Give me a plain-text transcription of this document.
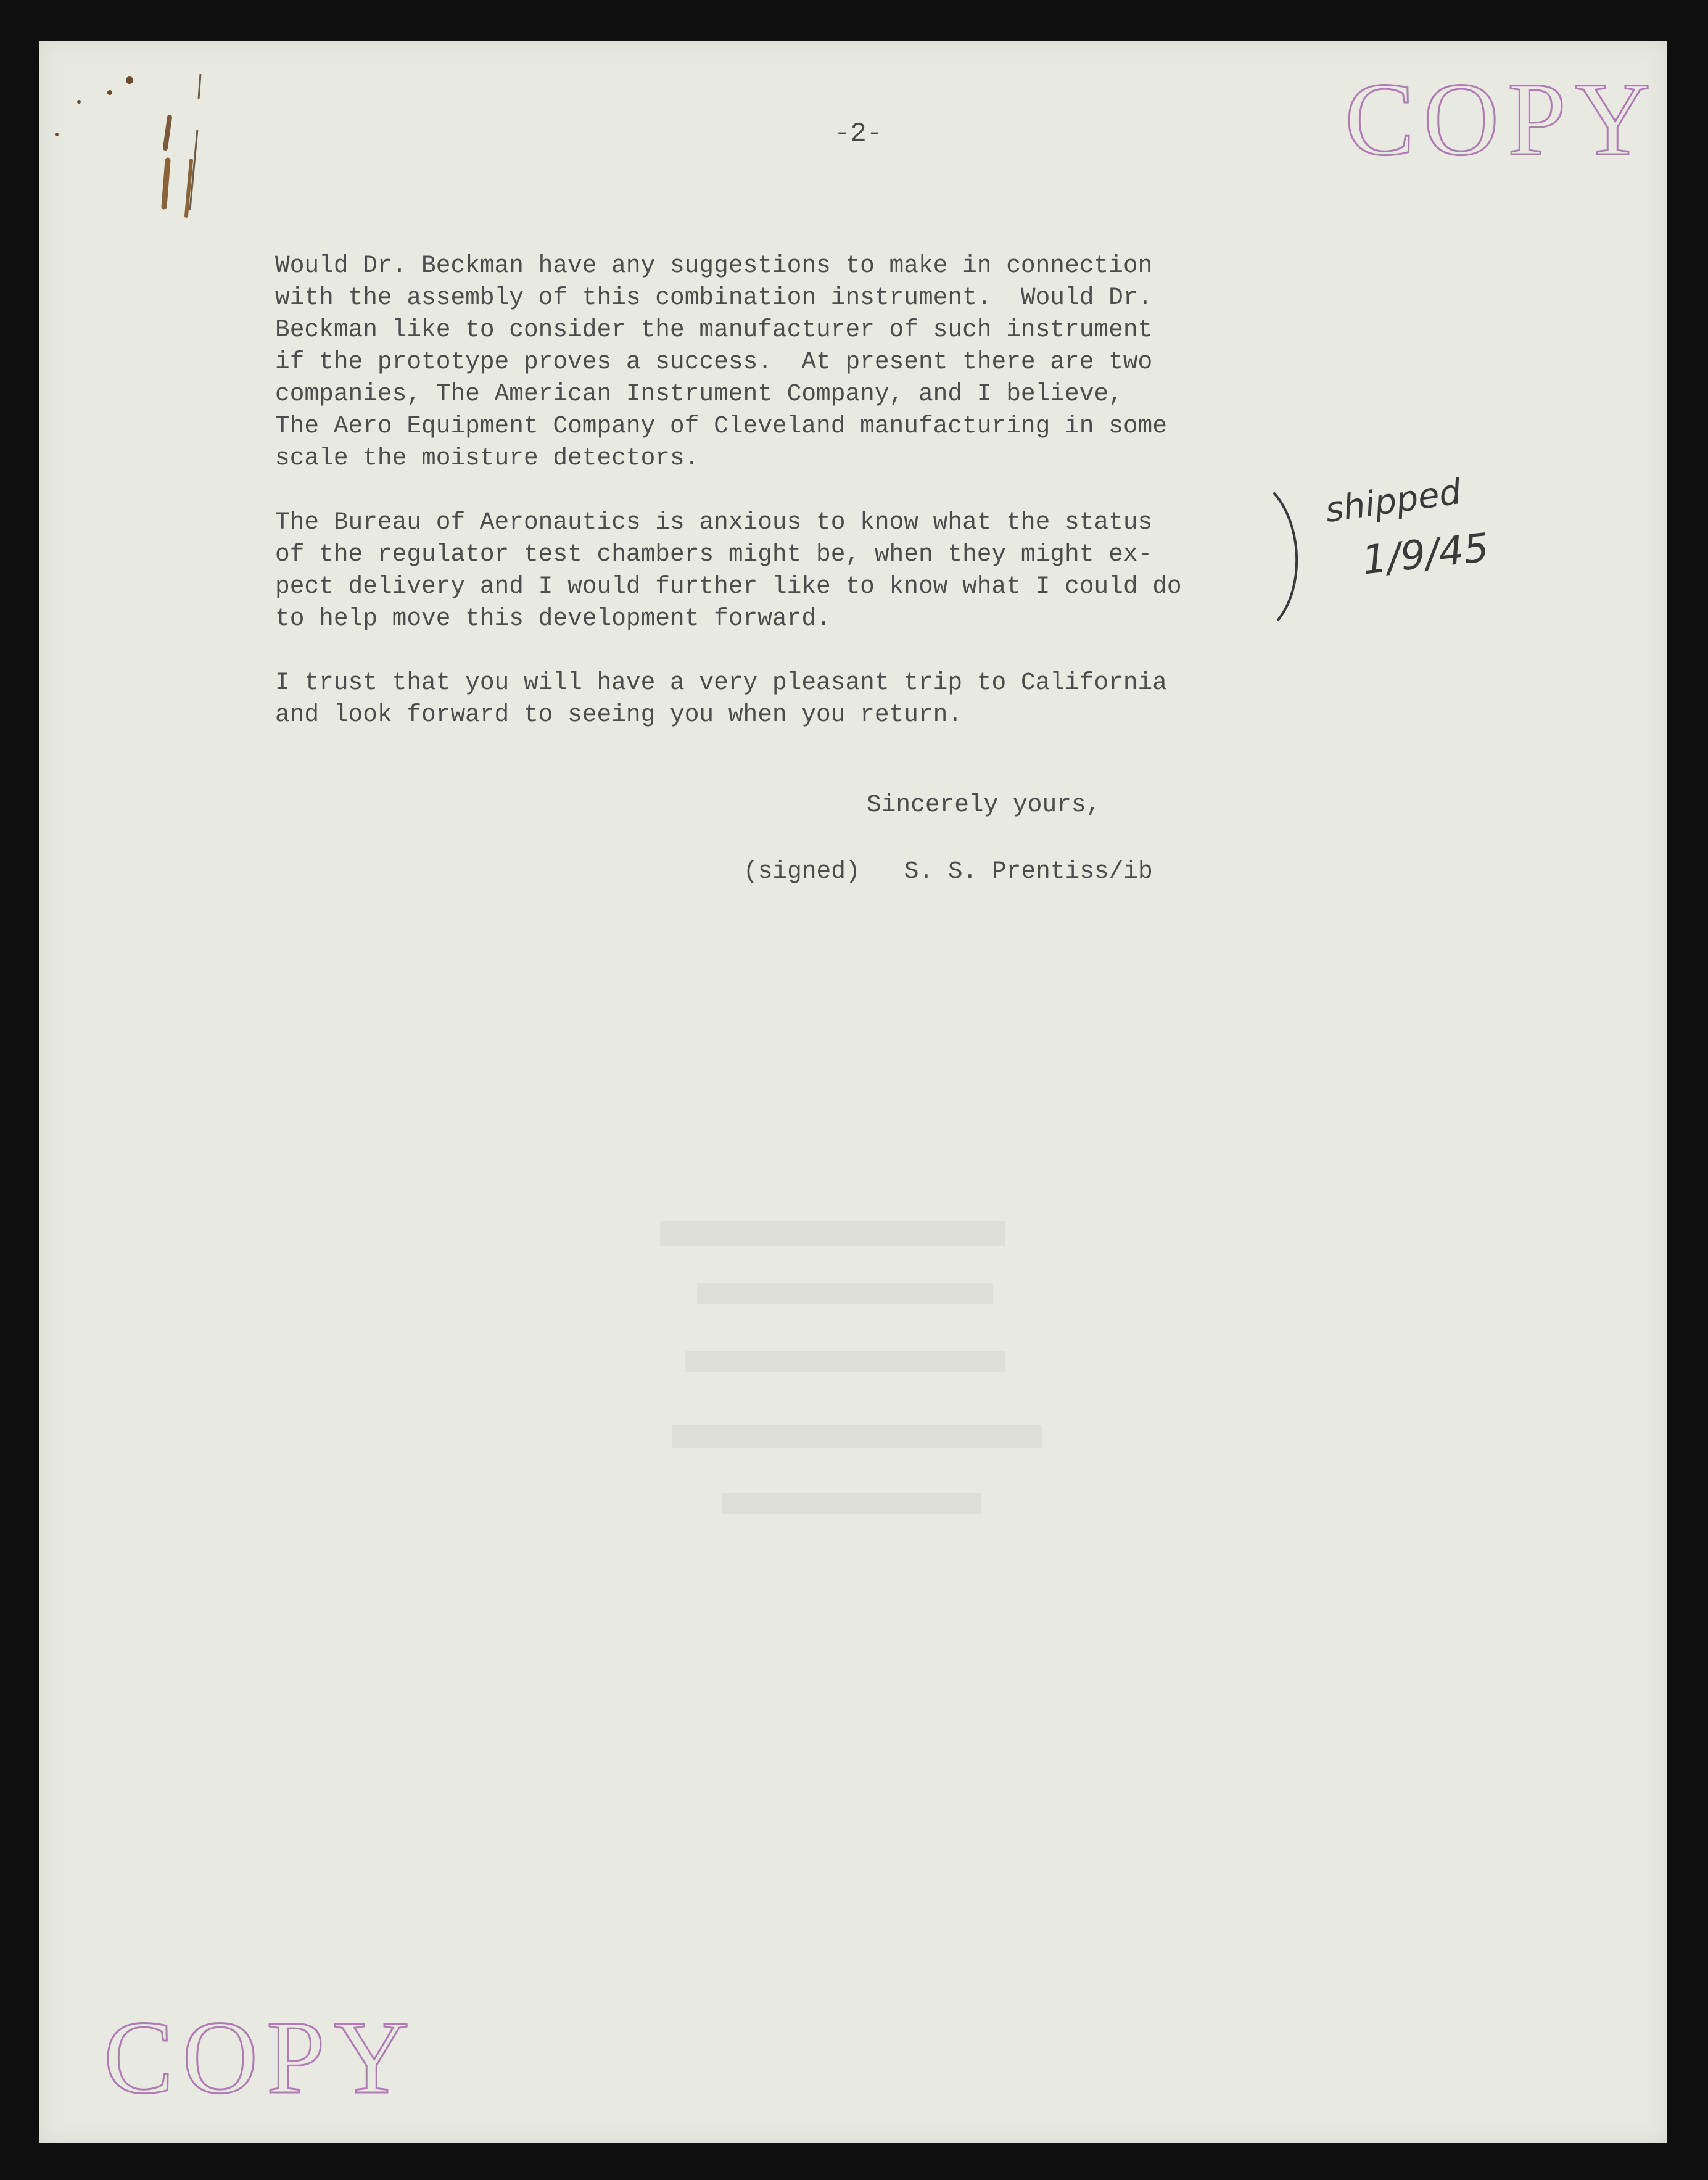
-2-	COPY

Would Dr. Beckman have any suggestions to make in connection
with the assembly of this combination instrument.  Would Dr.
Beckman like to consider the manufacturer of such instrument
if the prototype proves a success.  At present there are two
companies, The American Instrument Company, and I believe,
The Aero Equipment Company of Cleveland manufacturing in some
scale the moisture detectors.

The Bureau of Aeronautics is anxious to know what the status
of the regulator test chambers might be, when they might ex-
pect delivery and I would further like to know what I could do
to help move this development forward.

I trust that you will have a very pleasant trip to California
and look forward to seeing you when you return.

shipped
1/9/45
Sincerely yours,
(signed)   S. S. Prentiss/ib
COPY
